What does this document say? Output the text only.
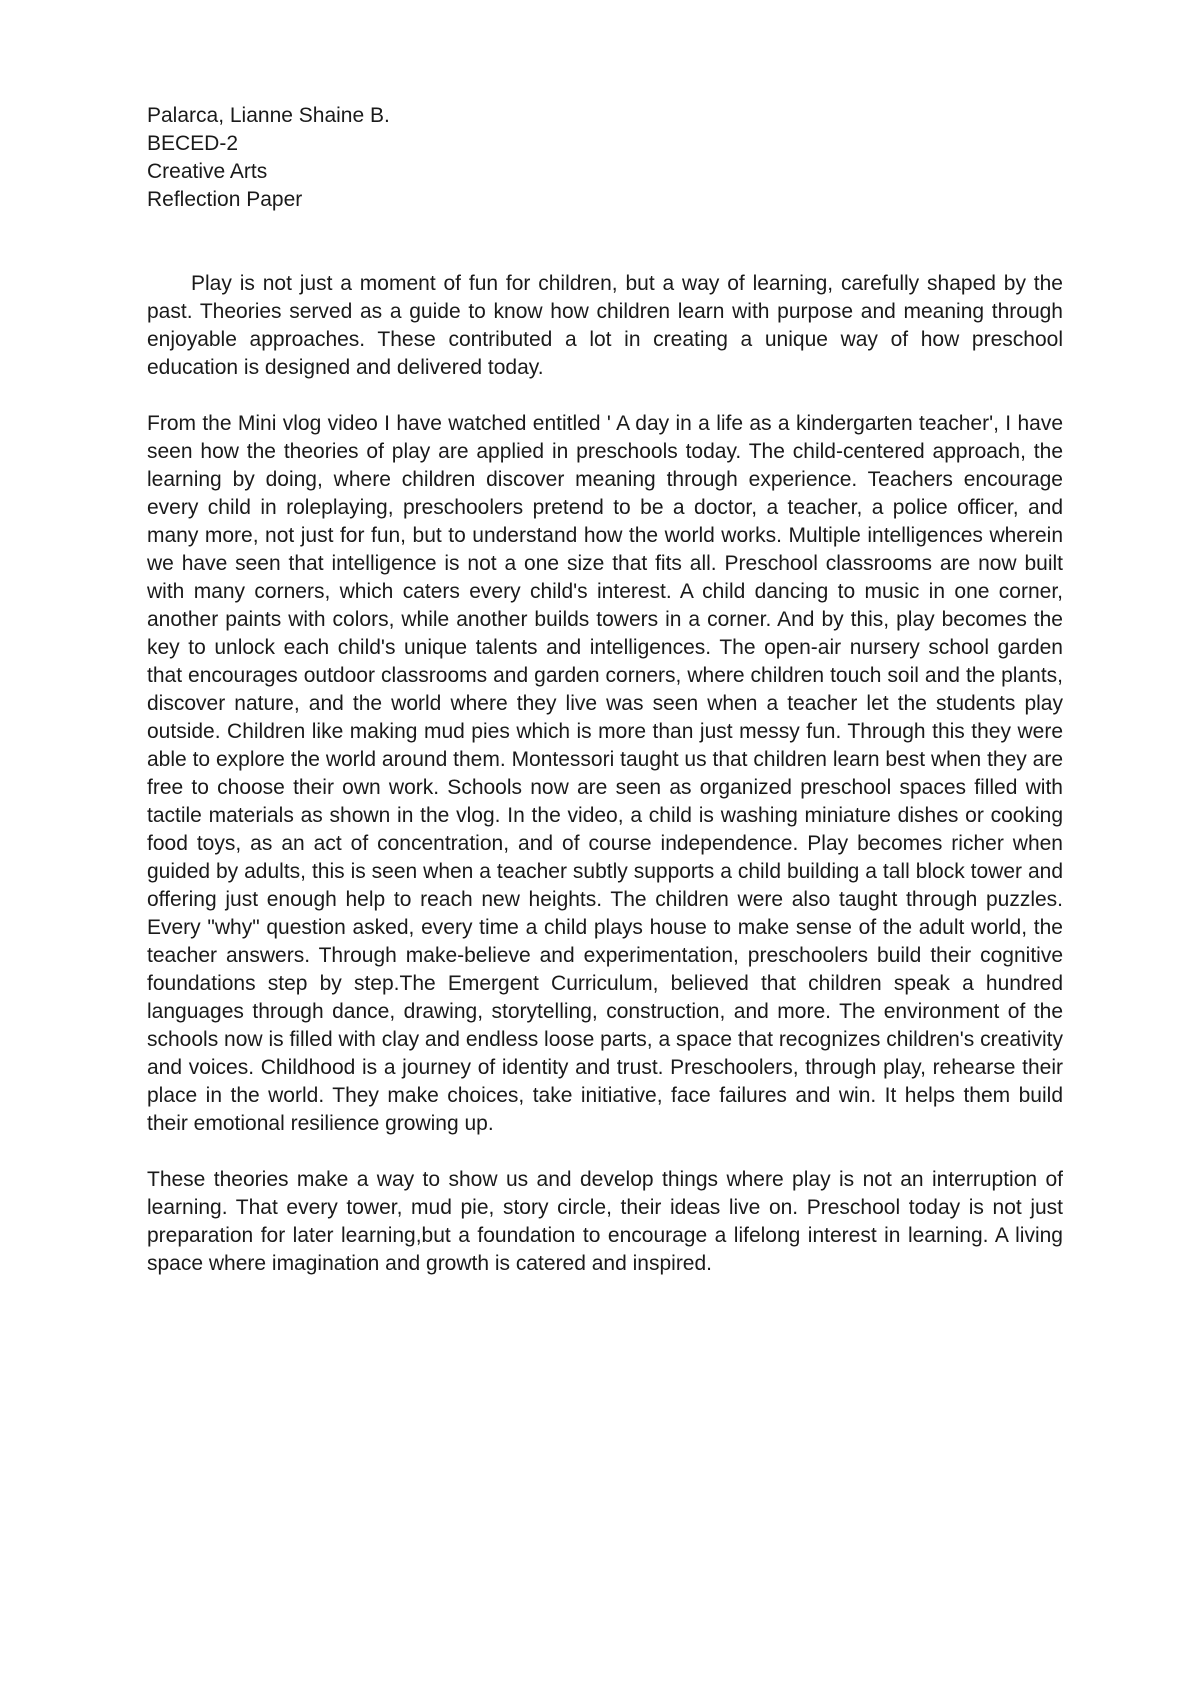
Palarca, Lianne Shaine B.
BECED-2
Creative Arts
Reflection Paper

Play is not just a moment of fun for children, but a way of learning, carefully shaped by the past. Theories served as a guide to know how children learn with purpose and meaning through enjoyable approaches. These contributed a lot in creating a unique way of how preschool education is designed and delivered today.

From the Mini vlog video I have watched entitled ' A day in a life as a kindergarten teacher', I have seen how the theories of play are applied in preschools today. The child-centered approach, the learning by doing, where children discover meaning through experience. Teachers encourage every child in roleplaying, preschoolers pretend to be a doctor, a teacher, a police officer, and many more, not just for fun, but to understand how the world works. Multiple intelligences wherein we have seen that intelligence is not a one size that fits all. Preschool classrooms are now built with many corners, which caters every child's interest. A child dancing to music in one corner, another paints with colors, while another builds towers in a corner. And by this, play becomes the key to unlock each child's unique talents and intelligences. The open-air nursery school garden that encourages outdoor classrooms and garden corners, where children touch soil and the plants, discover nature, and the world where they live was seen when a teacher let the students play outside. Children like making mud pies which is more than just messy fun. Through this they were able to explore the world around them. Montessori taught us that children learn best when they are free to choose their own work. Schools now are seen as organized preschool spaces filled with tactile materials as shown in the vlog. In the video, a child is washing miniature dishes or cooking food toys, as an act of concentration, and of course independence. Play becomes richer when guided by adults, this is seen when a teacher subtly supports a child building a tall block tower and offering just enough help to reach new heights. The children were also taught through puzzles. Every "why" question asked, every time a child plays house to make sense of the adult world, the teacher answers. Through make-believe and experimentation, preschoolers build their cognitive foundations step by step.The Emergent Curriculum, believed that children speak a hundred languages through dance, drawing, storytelling, construction, and more. The environment of the schools now is filled with clay and endless loose parts, a space that recognizes children's creativity and voices. Childhood is a journey of identity and trust. Preschoolers, through play, rehearse their place in the world. They make choices, take initiative, face failures and win. It helps them build their emotional resilience growing up.

These theories make a way to show us and develop things where play is not an interruption of learning. That every tower, mud pie, story circle, their ideas live on. Preschool today is not just preparation for later learning,but a foundation to encourage a lifelong interest in learning. A living space where imagination and growth is catered and inspired.
